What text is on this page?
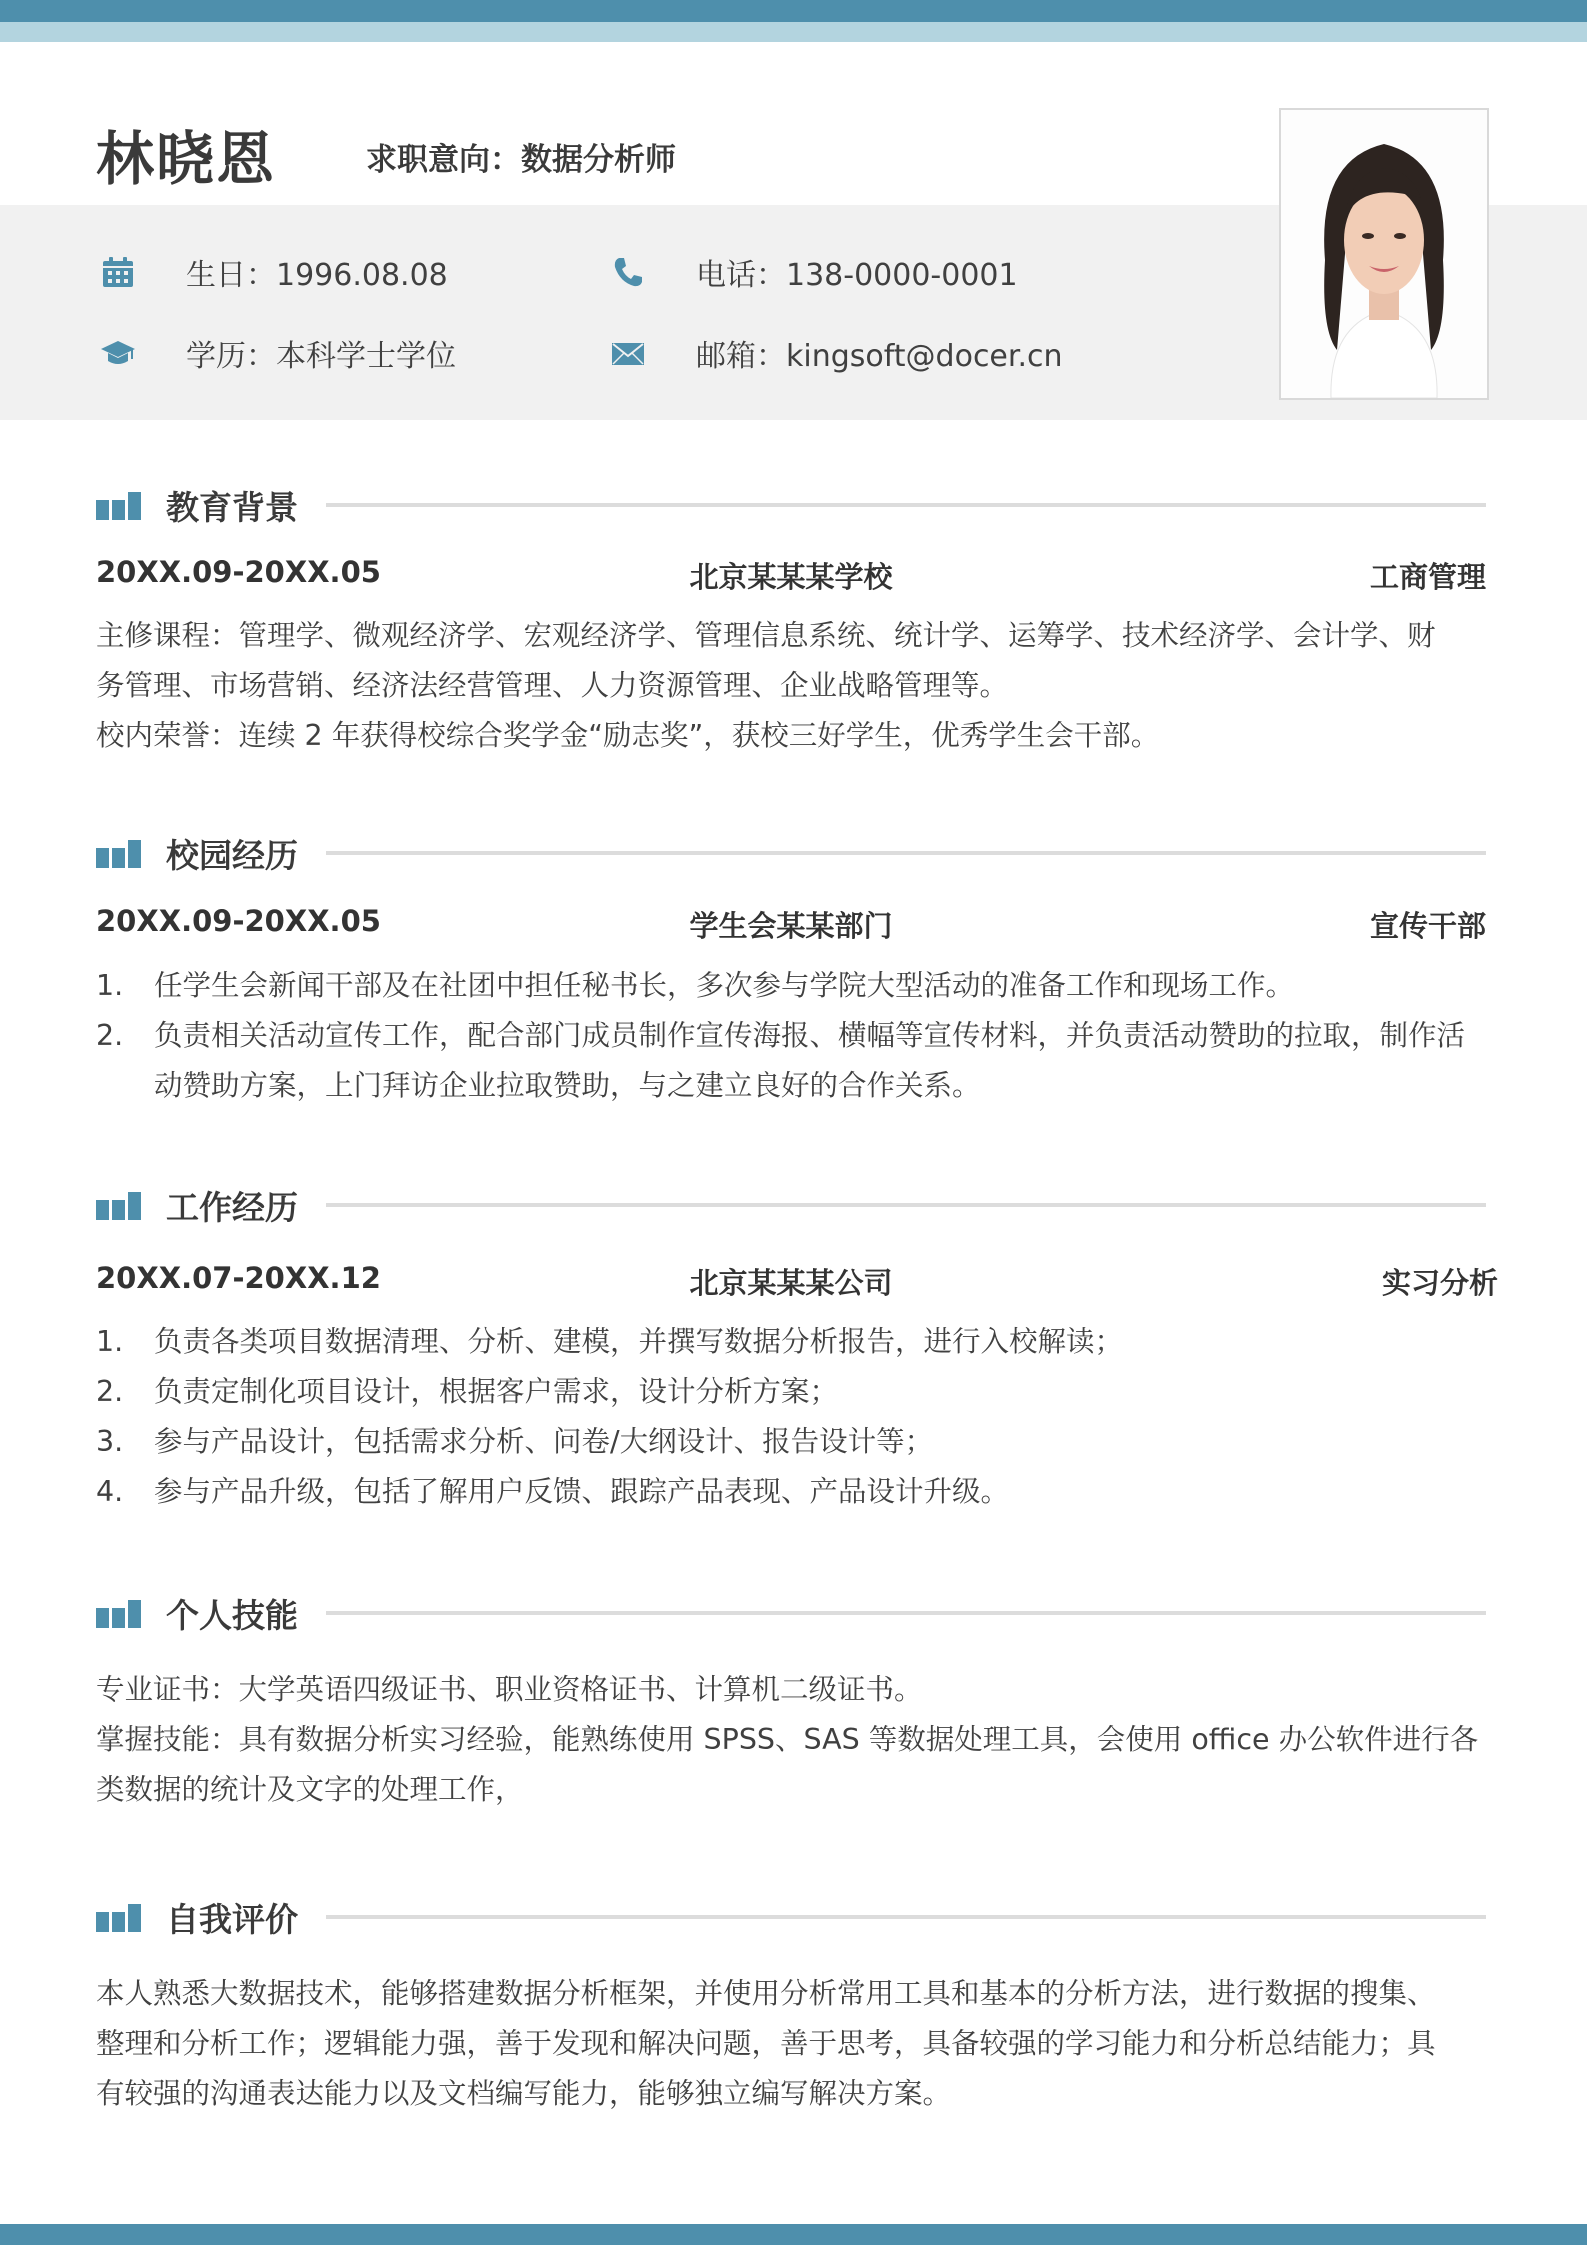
林晓恩	求职意向：数据分析师
生日：1996.08.08
学历：本科学士学位
电话：138-0000-0001
邮箱：kingsoft@docer.cn
教育背景
20XX.09-20XX.05	北京某某某学校	工商管理
主修课程：管理学、微观经济学、宏观经济学、管理信息系统、统计学、运筹学、技术经济学、会计学、财
务管理、市场营销、经济法经营管理、人力资源管理、企业战略管理等。
校内荣誉：连续 2 年获得校综合奖学金“励志奖”，获校三好学生，优秀学生会干部。
校园经历
20XX.09-20XX.05	学生会某某部门	宣传干部
1. 任学生会新闻干部及在社团中担任秘书长，多次参与学院大型活动的准备工作和现场工作。
2. 负责相关活动宣传工作，配合部门成员制作宣传海报、横幅等宣传材料，并负责活动赞助的拉取，制作活
动赞助方案，上门拜访企业拉取赞助，与之建立良好的合作关系。
工作经历
20XX.07-20XX.12	北京某某某公司	实习分析
1. 负责各类项目数据清理、分析、建模，并撰写数据分析报告，进行入校解读；
2. 负责定制化项目设计，根据客户需求，设计分析方案；
3. 参与产品设计，包括需求分析、问卷/大纲设计、报告设计等；
4. 参与产品升级，包括了解用户反馈、跟踪产品表现、产品设计升级。
个人技能
专业证书：大学英语四级证书、职业资格证书、计算机二级证书。
掌握技能：具有数据分析实习经验，能熟练使用 SPSS、SAS 等数据处理工具，会使用 office 办公软件进行各
类数据的统计及文字的处理工作，
自我评价
本人熟悉大数据技术，能够搭建数据分析框架，并使用分析常用工具和基本的分析方法，进行数据的搜集、
整理和分析工作；逻辑能力强，善于发现和解决问题，善于思考，具备较强的学习能力和分析总结能力；具
有较强的沟通表达能力以及文档编写能力，能够独立编写解决方案。
